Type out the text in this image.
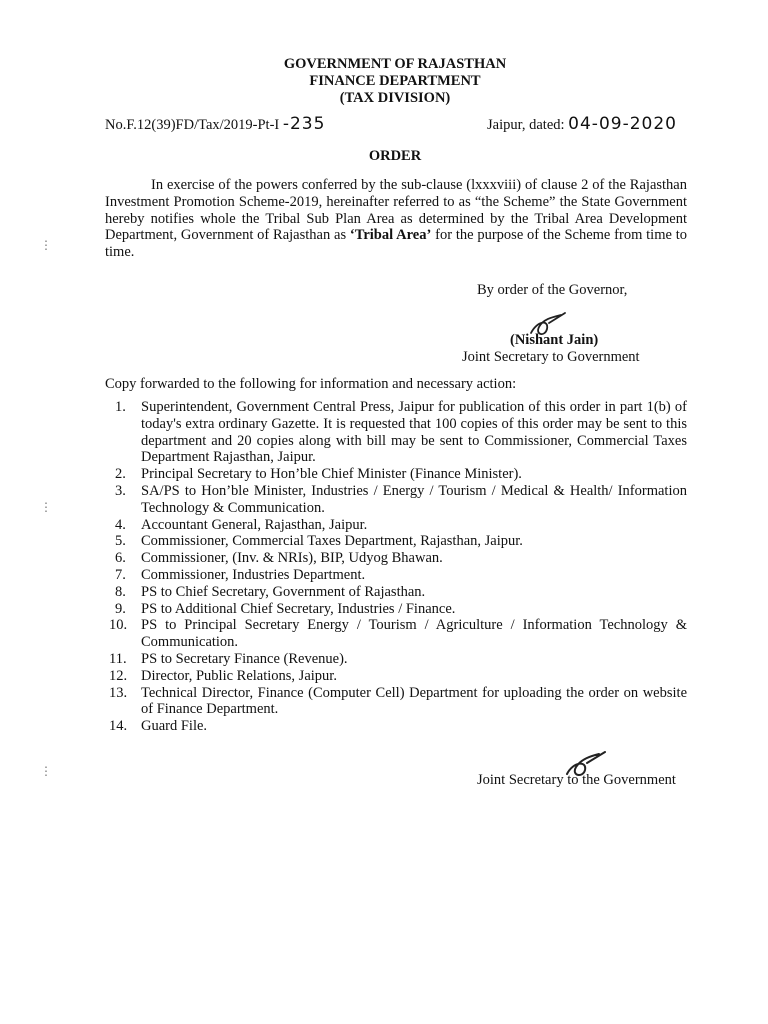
GOVERNMENT OF RAJASTHAN
FINANCE DEPARTMENT
(TAX DIVISION)
No.F.12(39)FD/Tax/2019-Pt-I -235	Jaipur, dated: 04-09-2020
ORDER
In exercise of the powers conferred by the sub-clause (lxxxviii) of clause 2 of the Rajasthan Investment Promotion Scheme-2019, hereinafter referred to as “the Scheme” the State Government hereby notifies whole the Tribal Sub Plan Area as determined by the Tribal Area Development Department, Government of Rajasthan as ‘Tribal Area’ for the purpose of the Scheme from time to time.
By order of the Governor,
(Nishant Jain)
Joint Secretary to Government
Copy forwarded to the following for information and necessary action:
1. Superintendent, Government Central Press, Jaipur for publication of this order in part 1(b) of today's extra ordinary Gazette. It is requested that 100 copies of this order may be sent to this department and 20 copies along with bill may be sent to Commissioner, Commercial Taxes Department Rajasthan, Jaipur.
2. Principal Secretary to Hon’ble Chief Minister (Finance Minister).
3. SA/PS to Hon’ble Minister, Industries / Energy / Tourism / Medical & Health/ Information Technology & Communication.
4. Accountant General, Rajasthan, Jaipur.
5. Commissioner, Commercial Taxes Department, Rajasthan, Jaipur.
6. Commissioner, (Inv. & NRIs), BIP, Udyog Bhawan.
7. Commissioner, Industries Department.
8. PS to Chief Secretary, Government of Rajasthan.
9. PS to Additional Chief Secretary, Industries / Finance.
10. PS to Principal Secretary Energy / Tourism / Agriculture / Information Technology & Communication.
11. PS to Secretary Finance (Revenue).
12. Director, Public Relations, Jaipur.
13. Technical Director, Finance (Computer Cell) Department for uploading the order on website of Finance Department.
14. Guard File.
Joint Secretary to the Government
⋮
⋮
⋮
